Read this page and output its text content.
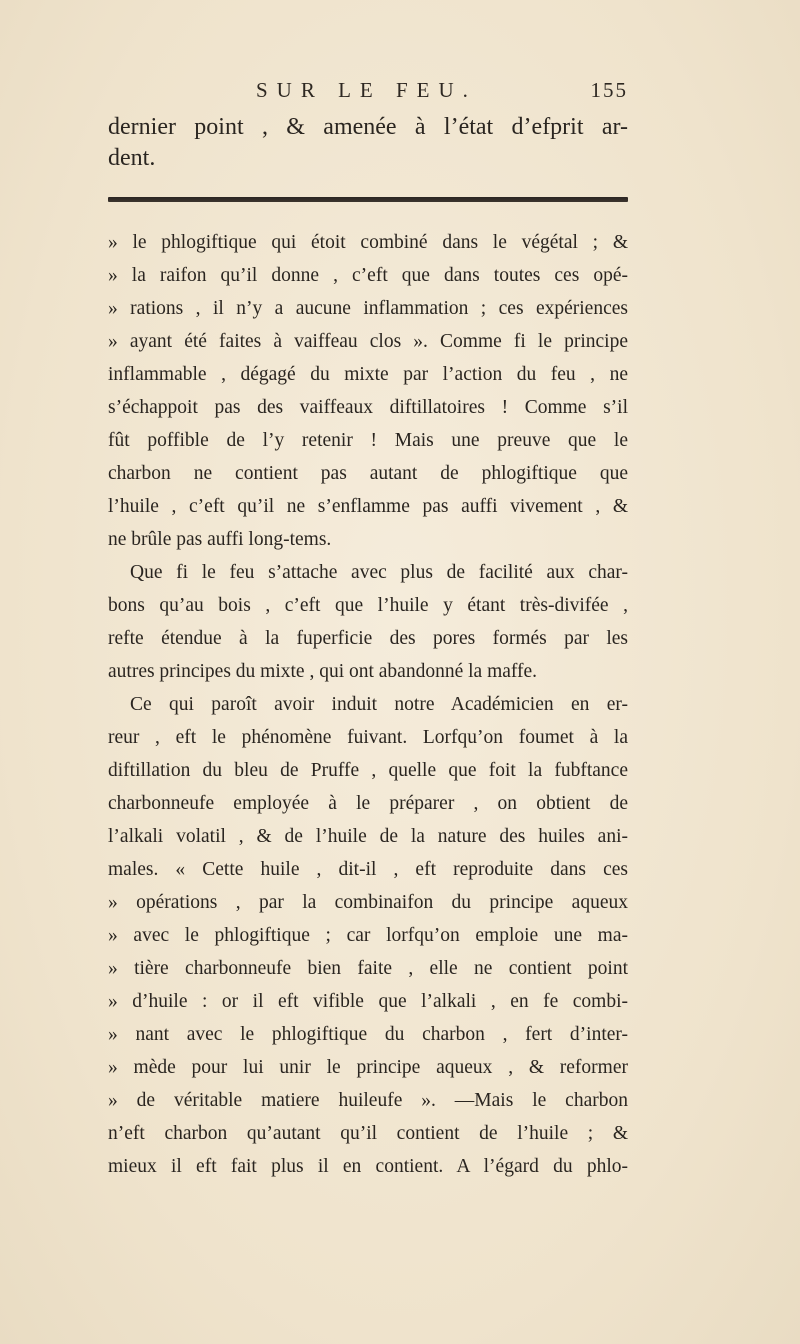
SUR LE FEU.	155
dernier point , & amenée à l’état d’efprit ar-
dent.
» le phlogiftique qui étoit combiné dans le végétal ; &
» la raifon qu’il donne , c’eft que dans toutes ces opé-
» rations , il n’y a aucune inflammation ; ces expériences
» ayant été faites à vaiffeau clos ». Comme fi le principe
inflammable , dégagé du mixte par l’action du feu , ne
s’échappoit pas des vaiffeaux diftillatoires ! Comme s’il
fût poffible de l’y retenir ! Mais une preuve que le
charbon ne contient pas autant de phlogiftique que
l’huile , c’eft qu’il ne s’enflamme pas auffi vivement , &
ne brûle pas auffi long-tems.
Que fi le feu s’attache avec plus de facilité aux char-
bons qu’au bois , c’eft que l’huile y étant très-divifée ,
refte étendue à la fuperficie des pores formés par les
autres principes du mixte , qui ont abandonné la maffe.
Ce qui paroît avoir induit notre Académicien en er-
reur , eft le phénomène fuivant. Lorfqu’on foumet à la
diftillation du bleu de Pruffe , quelle que foit la fubftance
charbonneufe employée à le préparer , on obtient de
l’alkali volatil , & de l’huile de la nature des huiles ani-
males. « Cette huile , dit-il , eft reproduite dans ces
» opérations , par la combinaifon du principe aqueux
» avec le phlogiftique ; car lorfqu’on emploie une ma-
» tière charbonneufe bien faite , elle ne contient point
» d’huile : or il eft vifible que l’alkali , en fe combi-
» nant avec le phlogiftique du charbon , fert d’inter-
» mède pour lui unir le principe aqueux , & reformer
» de véritable matiere huileufe ». —Mais le charbon
n’eft charbon qu’autant qu’il contient de l’huile ; &
mieux il eft fait plus il en contient. A l’égard du phlo-
